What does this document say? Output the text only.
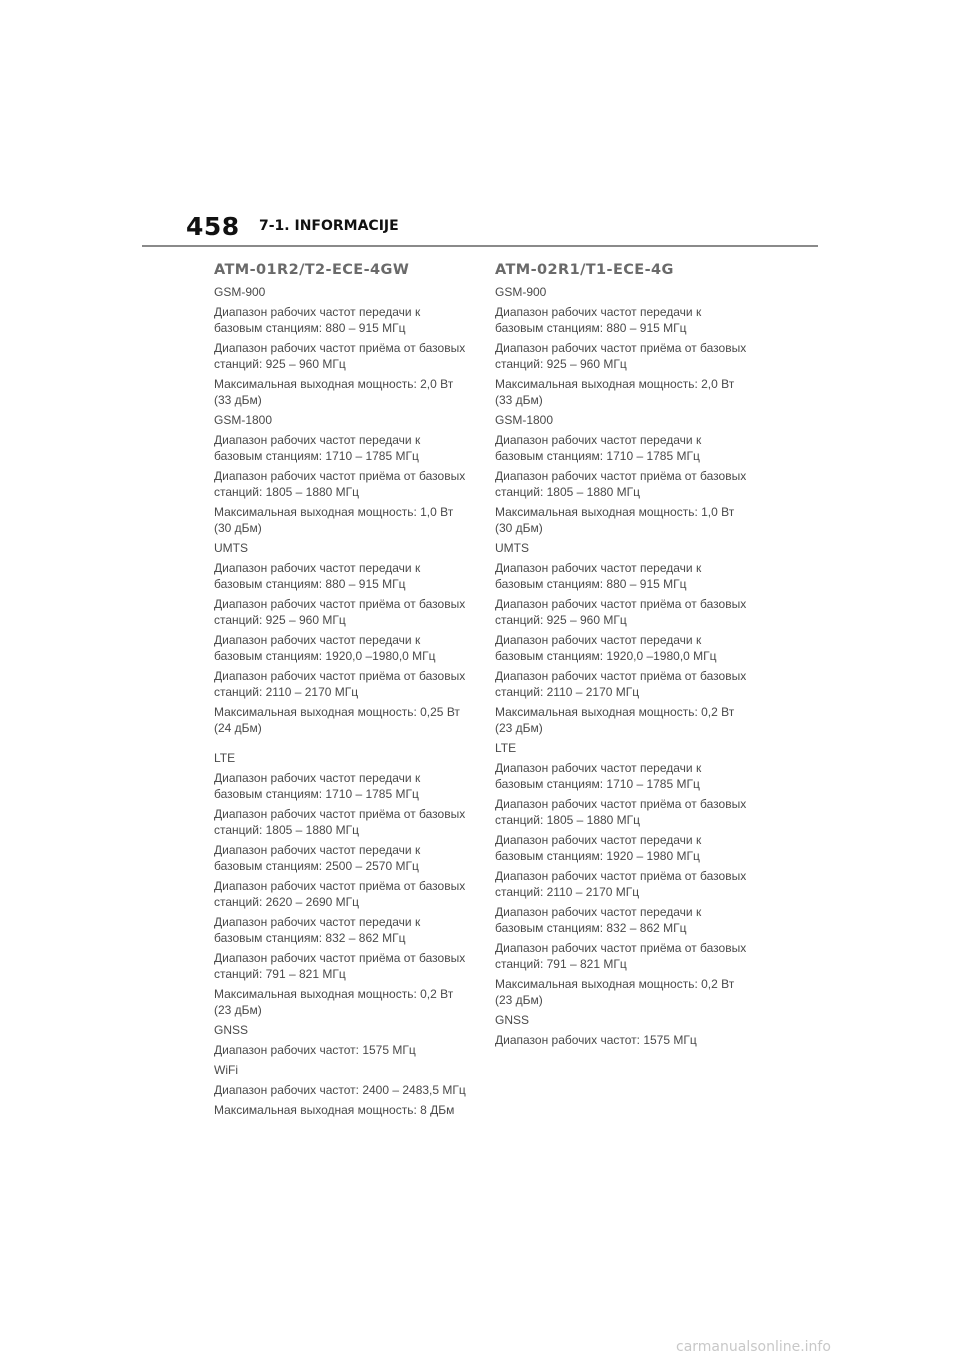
458 7-1. INFORMACIJE
ATM-01R2/T2-ECE-4GW
GSM-900
Диапазон рабочих частот передачи к базовым станциям: 880 – 915 МГц
Диапазон рабочих частот приёма от базовых станций: 925 – 960 МГц
Максимальная выходная мощность: 2,0 Вт (33 дБм)
GSM-1800
Диапазон рабочих частот передачи к базовым станциям: 1710 – 1785 МГц
Диапазон рабочих частот приёма от базовых станций: 1805 – 1880 МГц
Максимальная выходная мощность: 1,0 Вт (30 дБм)
UMTS
Диапазон рабочих частот передачи к базовым станциям: 880 – 915 МГц
Диапазон рабочих частот приёма от базовых станций: 925 – 960 МГц
Диапазон рабочих частот передачи к базовым станциям: 1920,0 –1980,0 МГц
Диапазон рабочих частот приёма от базовых станций: 2110 – 2170 МГц
Максимальная выходная мощность: 0,25 Вт (24 дБм)
LTE
Диапазон рабочих частот передачи к базовым станциям: 1710 – 1785 МГц
Диапазон рабочих частот приёма от базовых станций: 1805 – 1880 МГц
Диапазон рабочих частот передачи к базовым станциям: 2500 – 2570 МГц
Диапазон рабочих частот приёма от базовых станций: 2620 – 2690 МГц
Диапазон рабочих частот передачи к базовым станциям: 832 – 862 МГц
Диапазон рабочих частот приёма от базовых станций: 791 – 821 МГц
Максимальная выходная мощность: 0,2 Вт (23 дБм)
GNSS
Диапазон рабочих частот: 1575 МГц
WiFi
Диапазон рабочих частот: 2400 – 2483,5 МГц
Максимальная выходная мощность: 8 ДБм
ATM-02R1/T1-ECE-4G
GSM-900
Диапазон рабочих частот передачи к базовым станциям: 880 – 915 МГц
Диапазон рабочих частот приёма от базовых станций: 925 – 960 МГц
Максимальная выходная мощность: 2,0 Вт (33 дБм)
GSM-1800
Диапазон рабочих частот передачи к базовым станциям: 1710 – 1785 МГц
Диапазон рабочих частот приёма от базовых станций: 1805 – 1880 МГц
Максимальная выходная мощность: 1,0 Вт (30 дБм)
UMTS
Диапазон рабочих частот передачи к базовым станциям: 880 – 915 МГц
Диапазон рабочих частот приёма от базовых станций: 925 – 960 МГц
Диапазон рабочих частот передачи к базовым станциям: 1920,0 –1980,0 МГц
Диапазон рабочих частот приёма от базовых станций: 2110 – 2170 МГц
Максимальная выходная мощность: 0,2 Вт (23 дБм)
LTE
Диапазон рабочих частот передачи к базовым станциям: 1710 – 1785 МГц
Диапазон рабочих частот приёма от базовых станций: 1805 – 1880 МГц
Диапазон рабочих частот передачи к базовым станциям: 1920 – 1980 МГц
Диапазон рабочих частот приёма от базовых станций: 2110 – 2170 МГц
Диапазон рабочих частот передачи к базовым станциям: 832 – 862 МГц
Диапазон рабочих частот приёма от базовых станций: 791 – 821 МГц
Максимальная выходная мощность: 0,2 Вт (23 дБм)
GNSS
Диапазон рабочих частот: 1575 МГц
carmanualsonline.info
